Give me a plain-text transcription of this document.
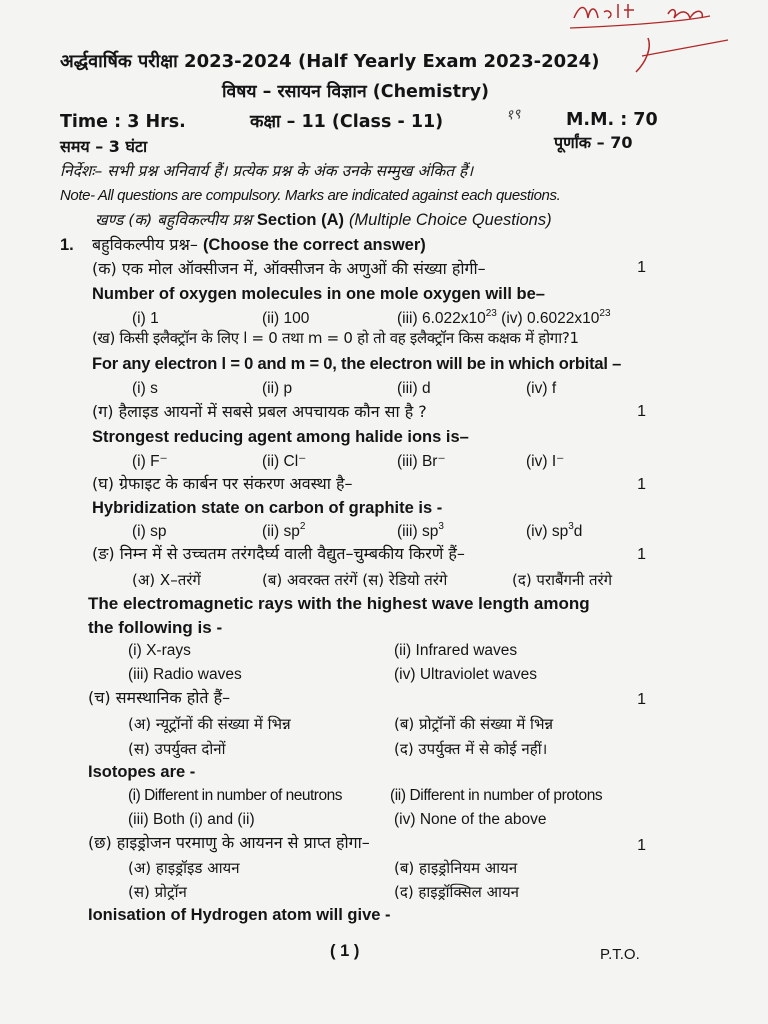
१९
अर्द्धवार्षिक परीक्षा 2023-2024 (Half Yearly Exam 2023-2024)
विषय – रसायन विज्ञान (Chemistry)
Time : 3 Hrs.	कक्षा – 11 (Class - 11)	M.M. : 70
समय – 3 घंटा	पूर्णांक – 70
निर्देशः– सभी प्रश्न अनिवार्य हैं। प्रत्येक प्रश्न के अंक उनके सम्मुख अंकित हैं।
Note- All questions are compulsory. Marks are indicated against each questions.
खण्ड (क) बहुविकल्पीय प्रश्न Section (A) (Multiple Choice Questions)
1. बहुविकल्पीय प्रश्न– (Choose the correct answer)
(क) एक मोल ऑक्सीजन में, ऑक्सीजन के अणुओं की संख्या होगी–	1
Number of oxygen molecules in one mole oxygen will be–
(i) 1	(ii) 100	(iii) $6.022x10^{23}$ (iv) $0.6022x10^{23}$
(ख) किसी इलैक्ट्रॉन के लिए l = 0 तथा m = 0 हो तो वह इलैक्ट्रॉन किस कक्षक में होगा?1
For any electron l = 0 and m = 0, the electron will be in which orbital –
(i) s	(ii) p	(iii) d	(iv) f
(ग) हैलाइड आयनों में सबसे प्रबल अपचायक कौन सा है ?	1
Strongest reducing agent among halide ions is–
(i) F⁻	(ii) Cl⁻	(iii) Br⁻	(iv) I⁻
(घ) ग्रेफाइट के कार्बन पर संकरण अवस्था है–	1
Hybridization state on carbon of graphite is -
(i) sp	(ii) $sp^2$	(iii) $sp^3$	(iv) $sp^3d$
(ङ) निम्न में से उच्चतम तरंगदैर्घ्य वाली वैद्युत–चुम्बकीय किरणें हैं–	1
(अ) X–तरंगें	(ब) अवरक्त तरंगें (स) रेडियो तरंगे	(द) पराबैंगनी तरंगे
The electromagnetic rays with the highest wave length among
the following is -
(i) X-rays	(ii) Infrared waves
(iii) Radio waves	(iv) Ultraviolet waves
(च) समस्थानिक होते हैं–	1
(अ) न्यूट्रॉनों की संख्या में भिन्न	(ब) प्रोट्रॉनों की संख्या में भिन्न
(स) उपर्युक्त दोनों	(द) उपर्युक्त में से कोई नहीं।
Isotopes are -
(i) Different in number of neutrons	(ii) Different in number of protons
(iii) Both (i) and (ii)	(iv) None of the above
(छ) हाइड्रोजन परमाणु के आयनन से प्राप्त होगा–	1
(अ) हाइड्रॉइड आयन	(ब) हाइड्रोनियम आयन
(स) प्रोट्रॉन	(द) हाइड्रॉक्सिल आयन
Ionisation of Hydrogen atom will give -
( 1 )	P.T.O.
